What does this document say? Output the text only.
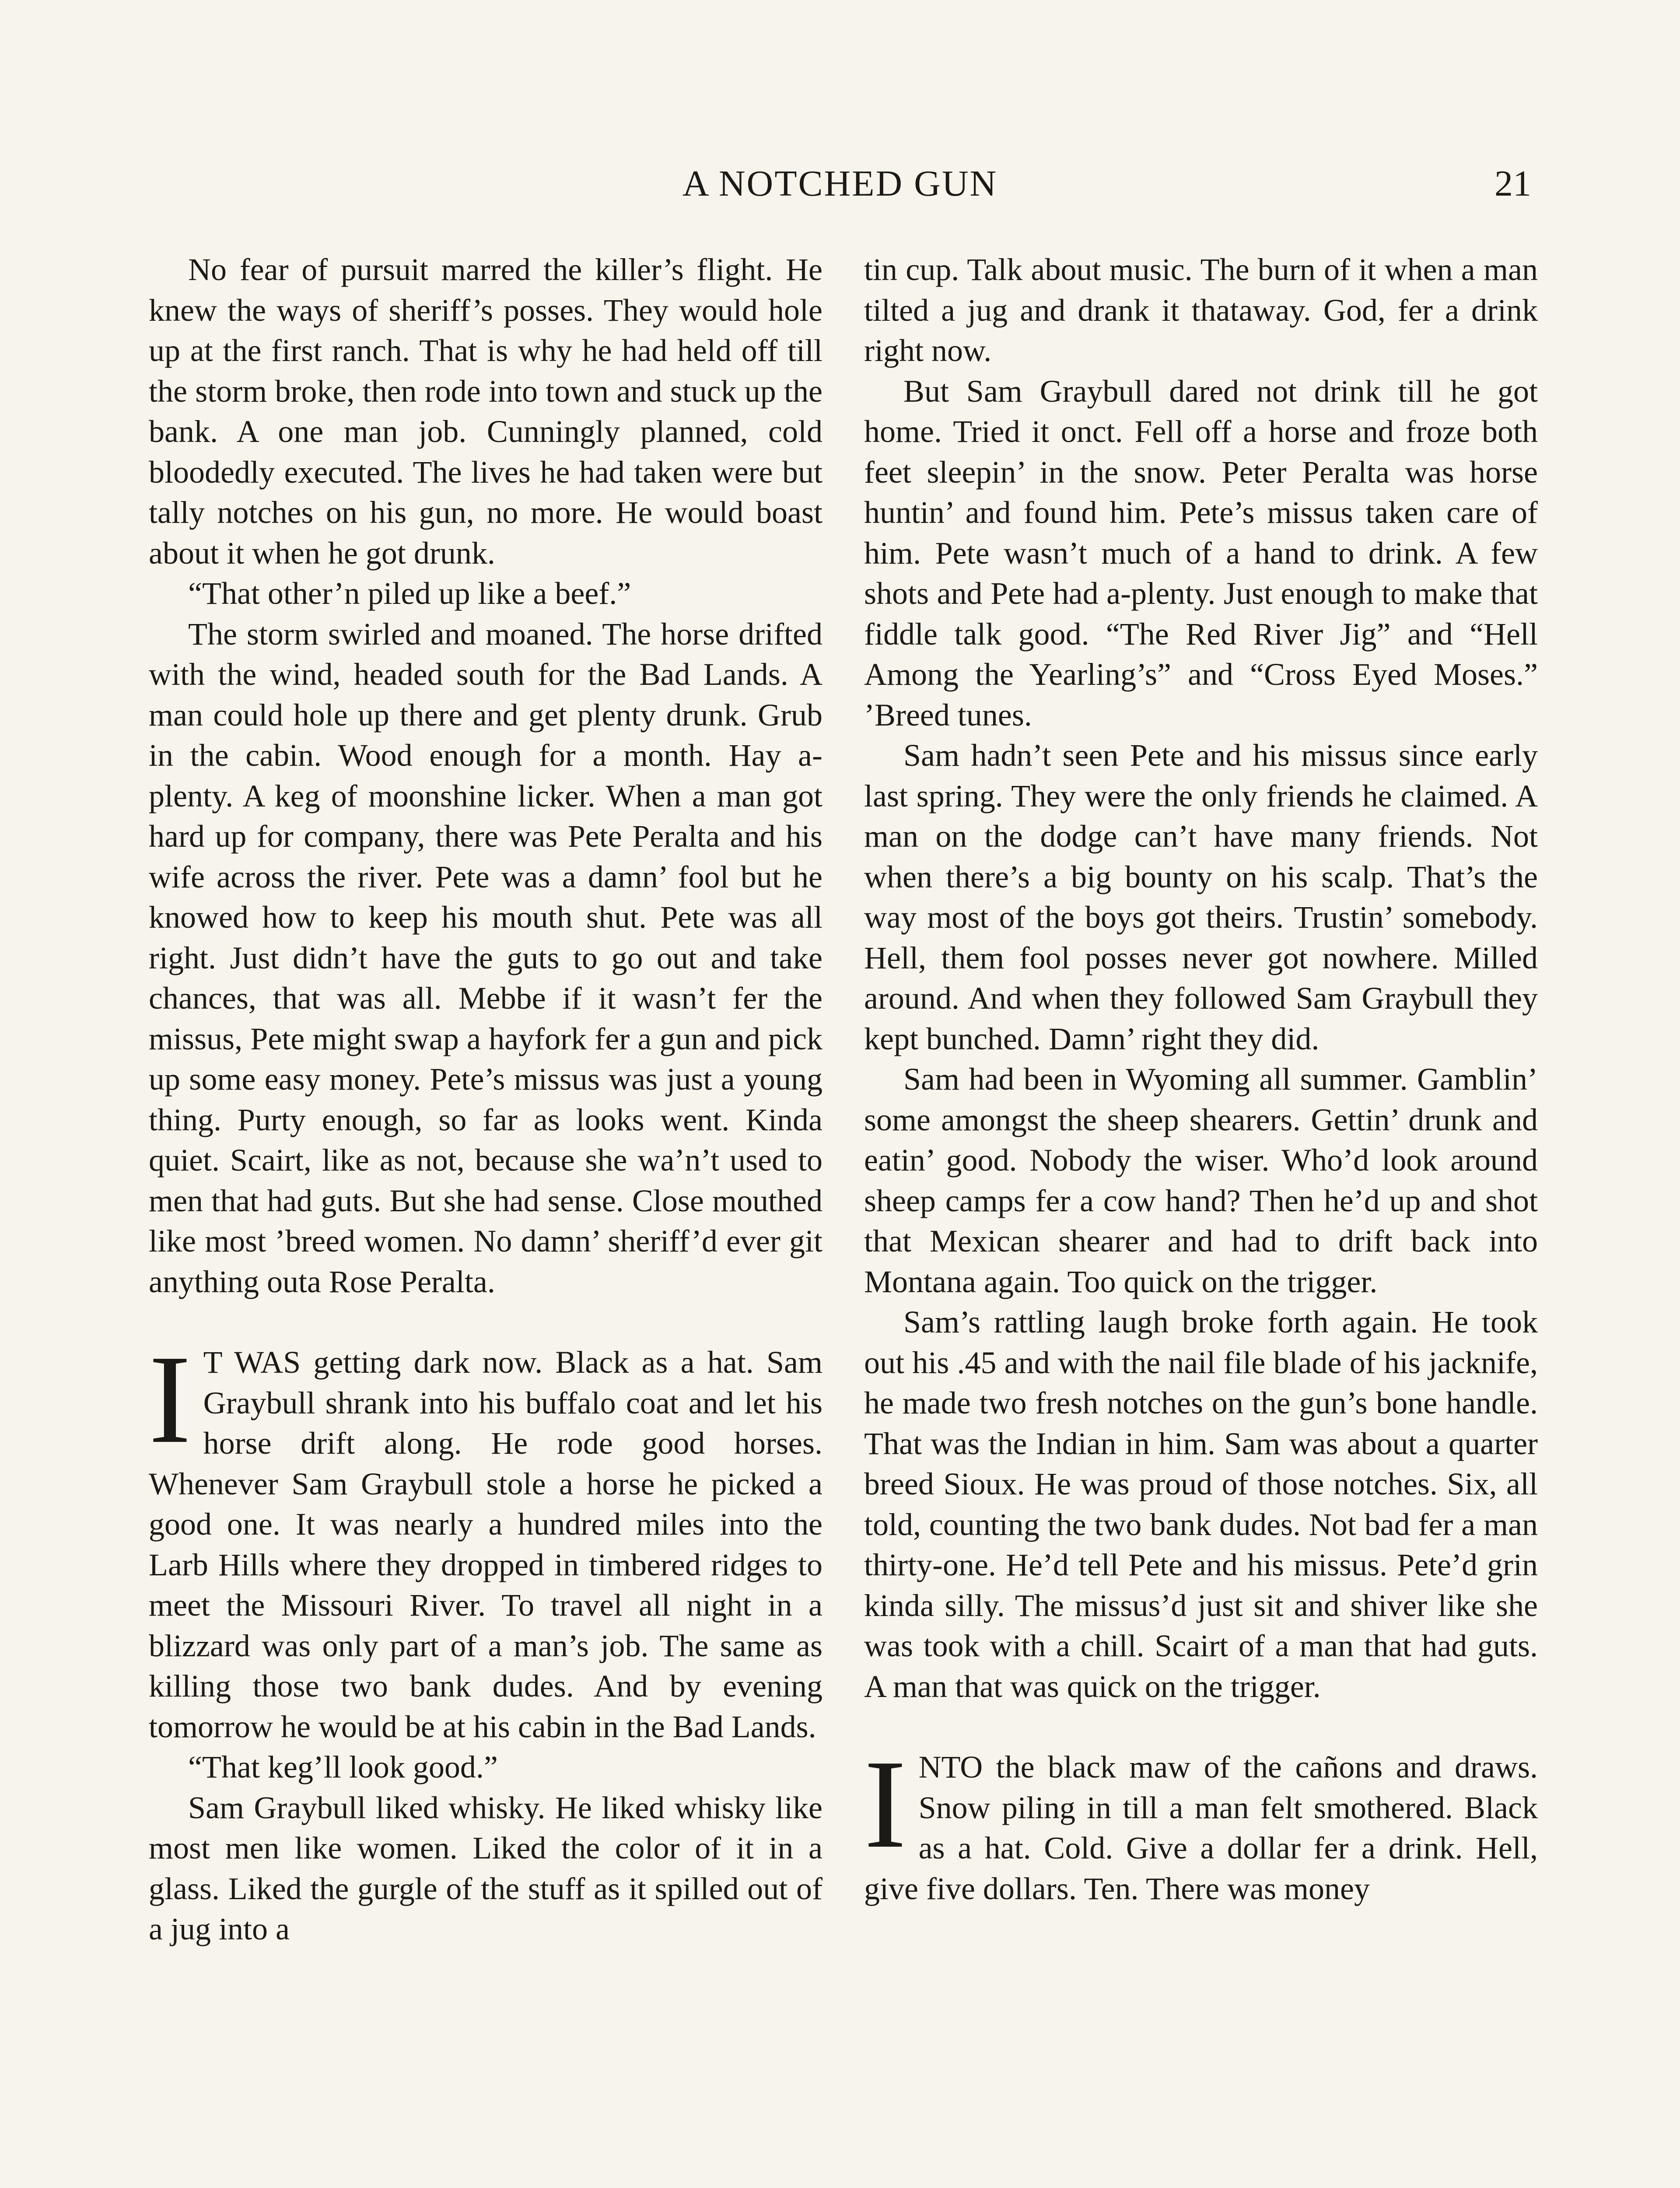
A NOTCHED GUN	21

No fear of pursuit marred the killer’s flight. He knew the ways of sheriff’s posses. They would hole up at the first ranch. That is why he had held off till the storm broke, then rode into town and stuck up the bank. A one man job. Cunningly planned, cold bloodedly executed. The lives he had taken were but tally notches on his gun, no more. He would boast about it when he got drunk.

“That other’n piled up like a beef.”

The storm swirled and moaned. The horse drifted with the wind, headed south for the Bad Lands. A man could hole up there and get plenty drunk. Grub in the cabin. Wood enough for a month. Hay a-plenty. A keg of moonshine licker. When a man got hard up for company, there was Pete Peralta and his wife across the river. Pete was a damn’ fool but he knowed how to keep his mouth shut. Pete was all right. Just didn’t have the guts to go out and take chances, that was all. Mebbe if it wasn’t fer the missus, Pete might swap a hayfork fer a gun and pick up some easy money. Pete’s missus was just a young thing. Purty enough, so far as looks went. Kinda quiet. Scairt, like as not, because she wa’n’t used to men that had guts. But she had sense. Close mouthed like most ’breed women. No damn’ sheriff’d ever git anything outa Rose Peralta.

I T WAS getting dark now. Black as a hat. Sam Graybull shrank into his buffalo coat and let his horse drift along. He rode good horses. Whenever Sam Graybull stole a horse he picked a good one. It was nearly a hundred miles into the Larb Hills where they dropped in timbered ridges to meet the Missouri River. To travel all night in a blizzard was only part of a man’s job. The same as killing those two bank dudes. And by evening tomorrow he would be at his cabin in the Bad Lands.

“That keg’ll look good.”

Sam Graybull liked whisky. He liked whisky like most men like women. Liked the color of it in a glass. Liked the gurgle of the stuff as it spilled out of a jug into a

tin cup. Talk about music. The burn of it when a man tilted a jug and drank it thataway. God, fer a drink right now.

But Sam Graybull dared not drink till he got home. Tried it onct. Fell off a horse and froze both feet sleepin’ in the snow. Peter Peralta was horse huntin’ and found him. Pete’s missus taken care of him. Pete wasn’t much of a hand to drink. A few shots and Pete had a-plenty. Just enough to make that fiddle talk good. “The Red River Jig” and “Hell Among the Yearling’s” and “Cross Eyed Moses.” ’Breed tunes.

Sam hadn’t seen Pete and his missus since early last spring. They were the only friends he claimed. A man on the dodge can’t have many friends. Not when there’s a big bounty on his scalp. That’s the way most of the boys got theirs. Trustin’ somebody. Hell, them fool posses never got nowhere. Milled around. And when they followed Sam Graybull they kept bunched. Damn’ right they did.

Sam had been in Wyoming all summer. Gamblin’ some amongst the sheep shearers. Gettin’ drunk and eatin’ good. Nobody the wiser. Who’d look around sheep camps fer a cow hand? Then he’d up and shot that Mexican shearer and had to drift back into Montana again. Too quick on the trigger.

Sam’s rattling laugh broke forth again. He took out his .45 and with the nail file blade of his jacknife, he made two fresh notches on the gun’s bone handle. That was the Indian in him. Sam was about a quarter breed Sioux. He was proud of those notches. Six, all told, counting the two bank dudes. Not bad fer a man thirty-one. He’d tell Pete and his missus. Pete’d grin kinda silly. The missus’d just sit and shiver like she was took with a chill. Scairt of a man that had guts. A man that was quick on the trigger.

INTO the black maw of the cañons and draws. Snow piling in till a man felt smothered. Black as a hat. Cold. Give a dollar fer a drink. Hell, give five dollars. Ten. There was money
